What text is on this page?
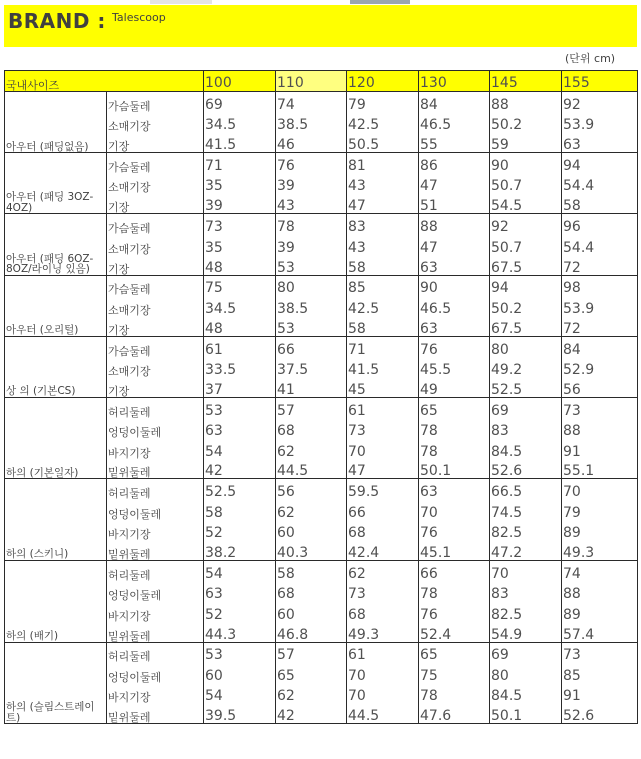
BRAND : Talescoop
(단위 cm)
국내사이즈		100	110	120	130	145	155
아우터 (패딩없음)	가슴둘레	69	74	79	84	88	92
	소매기장	34.5	38.5	42.5	46.5	50.2	53.9
	기장	41.5	46	50.5	55	59	63
아우터 (패딩 3OZ-4OZ)	가슴둘레	71	76	81	86	90	94
	소매기장	35	39	43	47	50.7	54.4
	기장	39	43	47	51	54.5	58
아우터 (패딩 6OZ-8OZ/라이닝 있음)	가슴둘레	73	78	83	88	92	96
	소매기장	35	39	43	47	50.7	54.4
	기장	48	53	58	63	67.5	72
아우터 (오리털)	가슴둘레	75	80	85	90	94	98
	소매기장	34.5	38.5	42.5	46.5	50.2	53.9
	기장	48	53	58	63	67.5	72
상 의 (기본CS)	가슴둘레	61	66	71	76	80	84
	소매기장	33.5	37.5	41.5	45.5	49.2	52.9
	기장	37	41	45	49	52.5	56
하의 (기본일자)	허리둘레	53	57	61	65	69	73
	엉덩이둘레	63	68	73	78	83	88
	바지기장	54	62	70	78	84.5	91
	밑위둘레	42	44.5	47	50.1	52.6	55.1
하의 (스키니)	허리둘레	52.5	56	59.5	63	66.5	70
	엉덩이둘레	58	62	66	70	74.5	79
	바지기장	52	60	68	76	82.5	89
	밑위둘레	38.2	40.3	42.4	45.1	47.2	49.3
하의 (배기)	허리둘레	54	58	62	66	70	74
	엉덩이둘레	63	68	73	78	83	88
	바지기장	52	60	68	76	82.5	89
	밑위둘레	44.3	46.8	49.3	52.4	54.9	57.4
하의 (슬림스트레이트)	허리둘레	53	57	61	65	69	73
	엉덩이둘레	60	65	70	75	80	85
	바지기장	54	62	70	78	84.5	91
	밑위둘레	39.5	42	44.5	47.6	50.1	52.6
